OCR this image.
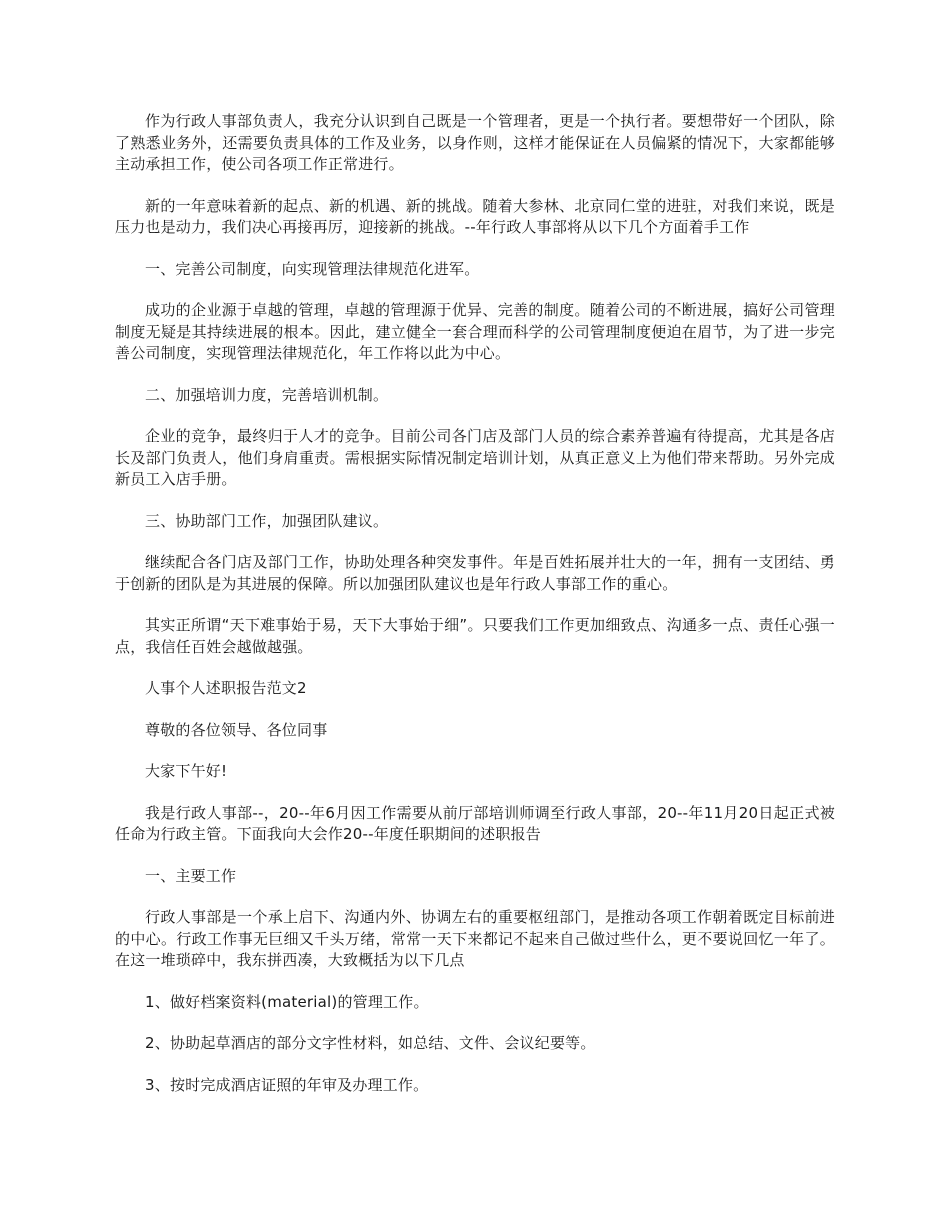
作为行政人事部负责人，我充分认识到自己既是一个管理者，更是一个执行者。要想带好一个团队，除了熟悉业务外，还需要负责具体的工作及业务，以身作则，这样才能保证在人员偏紧的情况下，大家都能够主动承担工作，使公司各项工作正常进行。

新的一年意味着新的起点、新的机遇、新的挑战。随着大参林、北京同仁堂的进驻，对我们来说，既是压力也是动力，我们决心再接再厉，迎接新的挑战。--年行政人事部将从以下几个方面着手工作

一、完善公司制度，向实现管理法律规范化进军。

成功的企业源于卓越的管理，卓越的管理源于优异、完善的制度。随着公司的不断进展，搞好公司管理制度无疑是其持续进展的根本。因此，建立健全一套合理而科学的公司管理制度便迫在眉节，为了进一步完善公司制度，实现管理法律规范化，年工作将以此为中心。

二、加强培训力度，完善培训机制。

企业的竞争，最终归于人才的竞争。目前公司各门店及部门人员的综合素养普遍有待提高，尤其是各店长及部门负责人，他们身肩重责。需根据实际情况制定培训计划，从真正意义上为他们带来帮助。另外完成新员工入店手册。

三、协助部门工作，加强团队建议。

继续配合各门店及部门工作，协助处理各种突发事件。年是百姓拓展并壮大的一年，拥有一支团结、勇于创新的团队是为其进展的保障。所以加强团队建议也是年行政人事部工作的重心。

其实正所谓“天下难事始于易，天下大事始于细”。只要我们工作更加细致点、沟通多一点、责任心强一点，我信任百姓会越做越强。

人事个人述职报告范文2

尊敬的各位领导、各位同事

大家下午好!

我是行政人事部--，20--年6月因工作需要从前厅部培训师调至行政人事部，20--年11月20日起正式被任命为行政主管。下面我向大会作20--年度任职期间的述职报告

一、主要工作

行政人事部是一个承上启下、沟通内外、协调左右的重要枢纽部门，是推动各项工作朝着既定目标前进的中心。行政工作事无巨细又千头万绪，常常一天下来都记不起来自己做过些什么，更不要说回忆一年了。在这一堆琐碎中，我东拼西凑，大致概括为以下几点

1、做好档案资料(material)的管理工作。

2、协助起草酒店的部分文字性材料，如总结、文件、会议纪要等。

3、按时完成酒店证照的年审及办理工作。
